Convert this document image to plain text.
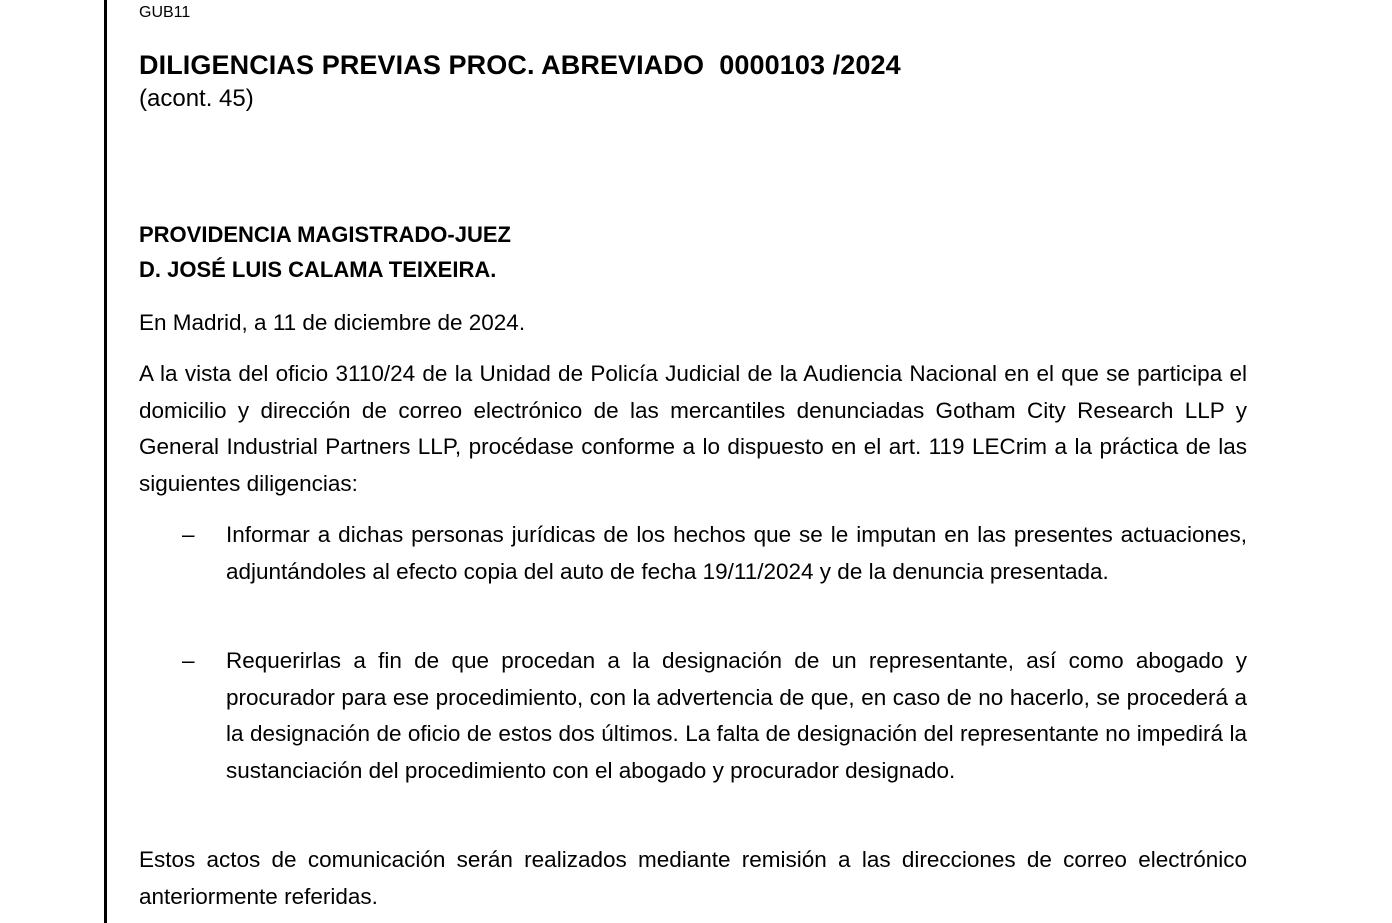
GUB11
DILIGENCIAS PREVIAS PROC. ABREVIADO  0000103 /2024
(acont. 45)
PROVIDENCIA MAGISTRADO-JUEZ
D. JOSÉ LUIS CALAMA TEIXEIRA.
En Madrid, a 11 de diciembre de 2024.
A la vista del oficio 3110/24 de la Unidad de Policía Judicial de la Audiencia Nacional en el que se participa el domicilio y dirección de correo electrónico de las mercantiles denunciadas Gotham City Research LLP y General Industrial Partners LLP, procédase conforme a lo dispuesto en el art. 119 LECrim a la práctica de las siguientes diligencias:
– Informar a dichas personas jurídicas de los hechos que se le imputan en las presentes actuaciones, adjuntándoles al efecto copia del auto de fecha 19/11/2024 y de la denuncia presentada.
– Requerirlas a fin de que procedan a la designación de un representante, así como abogado y procurador para ese procedimiento, con la advertencia de que, en caso de no hacerlo, se procederá a la designación de oficio de estos dos últimos. La falta de designación del representante no impedirá la sustanciación del procedimiento con el abogado y procurador designado.
Estos actos de comunicación serán realizados mediante remisión a las direcciones de correo electrónico anteriormente referidas.
